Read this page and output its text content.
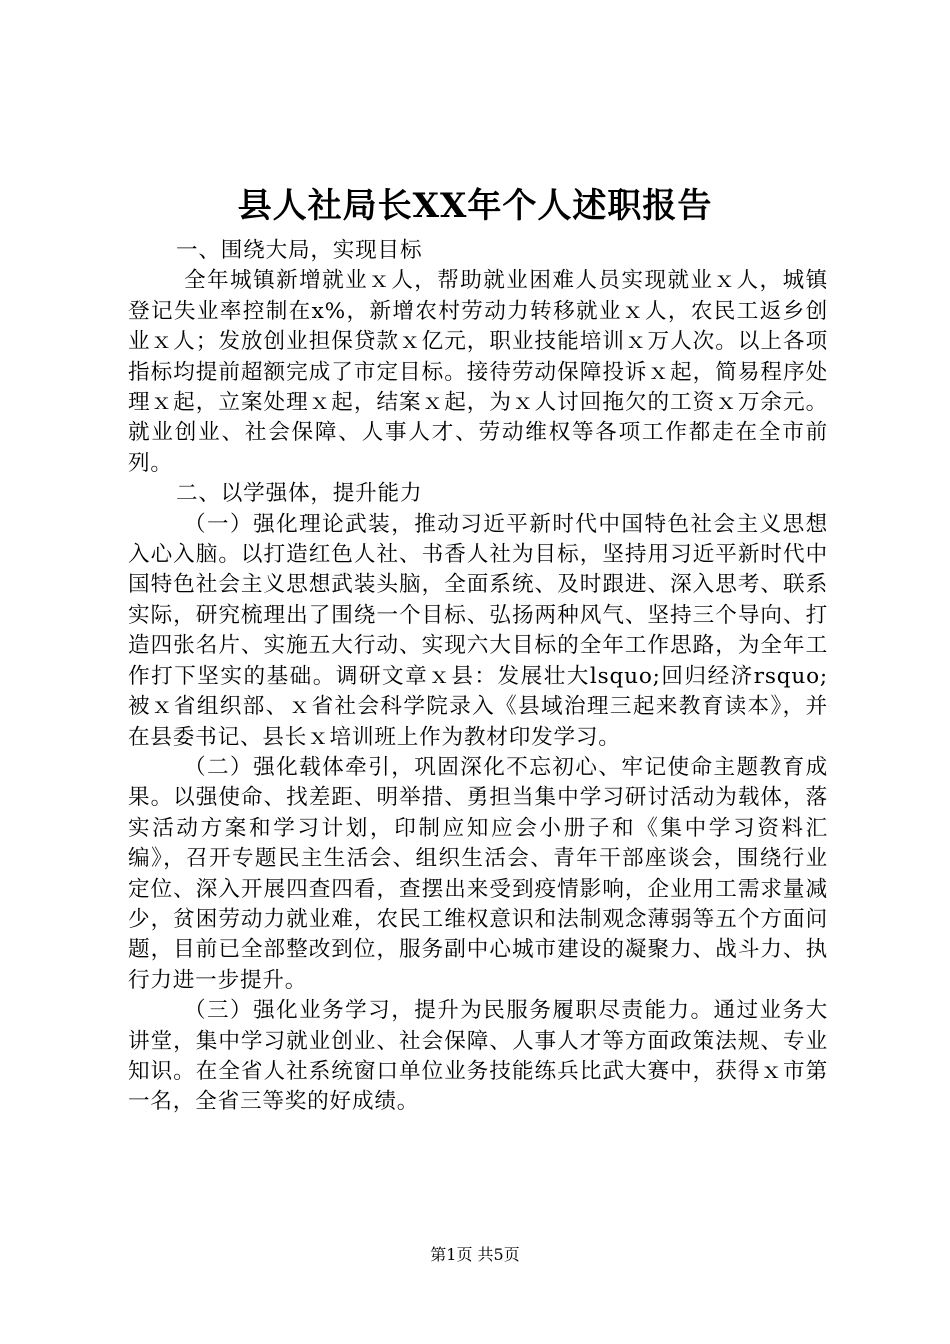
县人社局长XX年个人述职报告

一、围绕大局，实现目标

全年城镇新增就业ｘ人，帮助就业困难人员实现就业ｘ人，城镇登记失业率控制在x%，新增农村劳动力转移就业ｘ人，农民工返乡创业ｘ人；发放创业担保贷款ｘ亿元，职业技能培训ｘ万人次。以上各项指标均提前超额完成了市定目标。接待劳动保障投诉ｘ起，简易程序处理ｘ起，立案处理ｘ起，结案ｘ起，为ｘ人讨回拖欠的工资ｘ万余元。就业创业、社会保障、人事人才、劳动维权等各项工作都走在全市前列。

二、以学强体，提升能力

（一）强化理论武装，推动习近平新时代中国特色社会主义思想入心入脑。以打造红色人社、书香人社为目标，坚持用习近平新时代中国特色社会主义思想武装头脑，全面系统、及时跟进、深入思考、联系实际，研究梳理出了围绕一个目标、弘扬两种风气、坚持三个导向、打造四张名片、实施五大行动、实现六大目标的全年工作思路，为全年工作打下坚实的基础。调研文章ｘ县：发展壮大lsquo;回归经济rsquo;被ｘ省组织部、ｘ省社会科学院录入《县域治理三起来教育读本》，并在县委书记、县长ｘ培训班上作为教材印发学习。

（二）强化载体牵引，巩固深化不忘初心、牢记使命主题教育成果。以强使命、找差距、明举措、勇担当集中学习研讨活动为载体，落实活动方案和学习计划，印制应知应会小册子和《集中学习资料汇编》，召开专题民主生活会、组织生活会、青年干部座谈会，围绕行业定位、深入开展四查四看，查摆出来受到疫情影响，企业用工需求量减少，贫困劳动力就业难，农民工维权意识和法制观念薄弱等五个方面问题，目前已全部整改到位，服务副中心城市建设的凝聚力、战斗力、执行力进一步提升。

（三）强化业务学习，提升为民服务履职尽责能力。通过业务大讲堂，集中学习就业创业、社会保障、人事人才等方面政策法规、专业知识。在全省人社系统窗口单位业务技能练兵比武大赛中，获得ｘ市第一名，全省三等奖的好成绩。

第1页 共5页
